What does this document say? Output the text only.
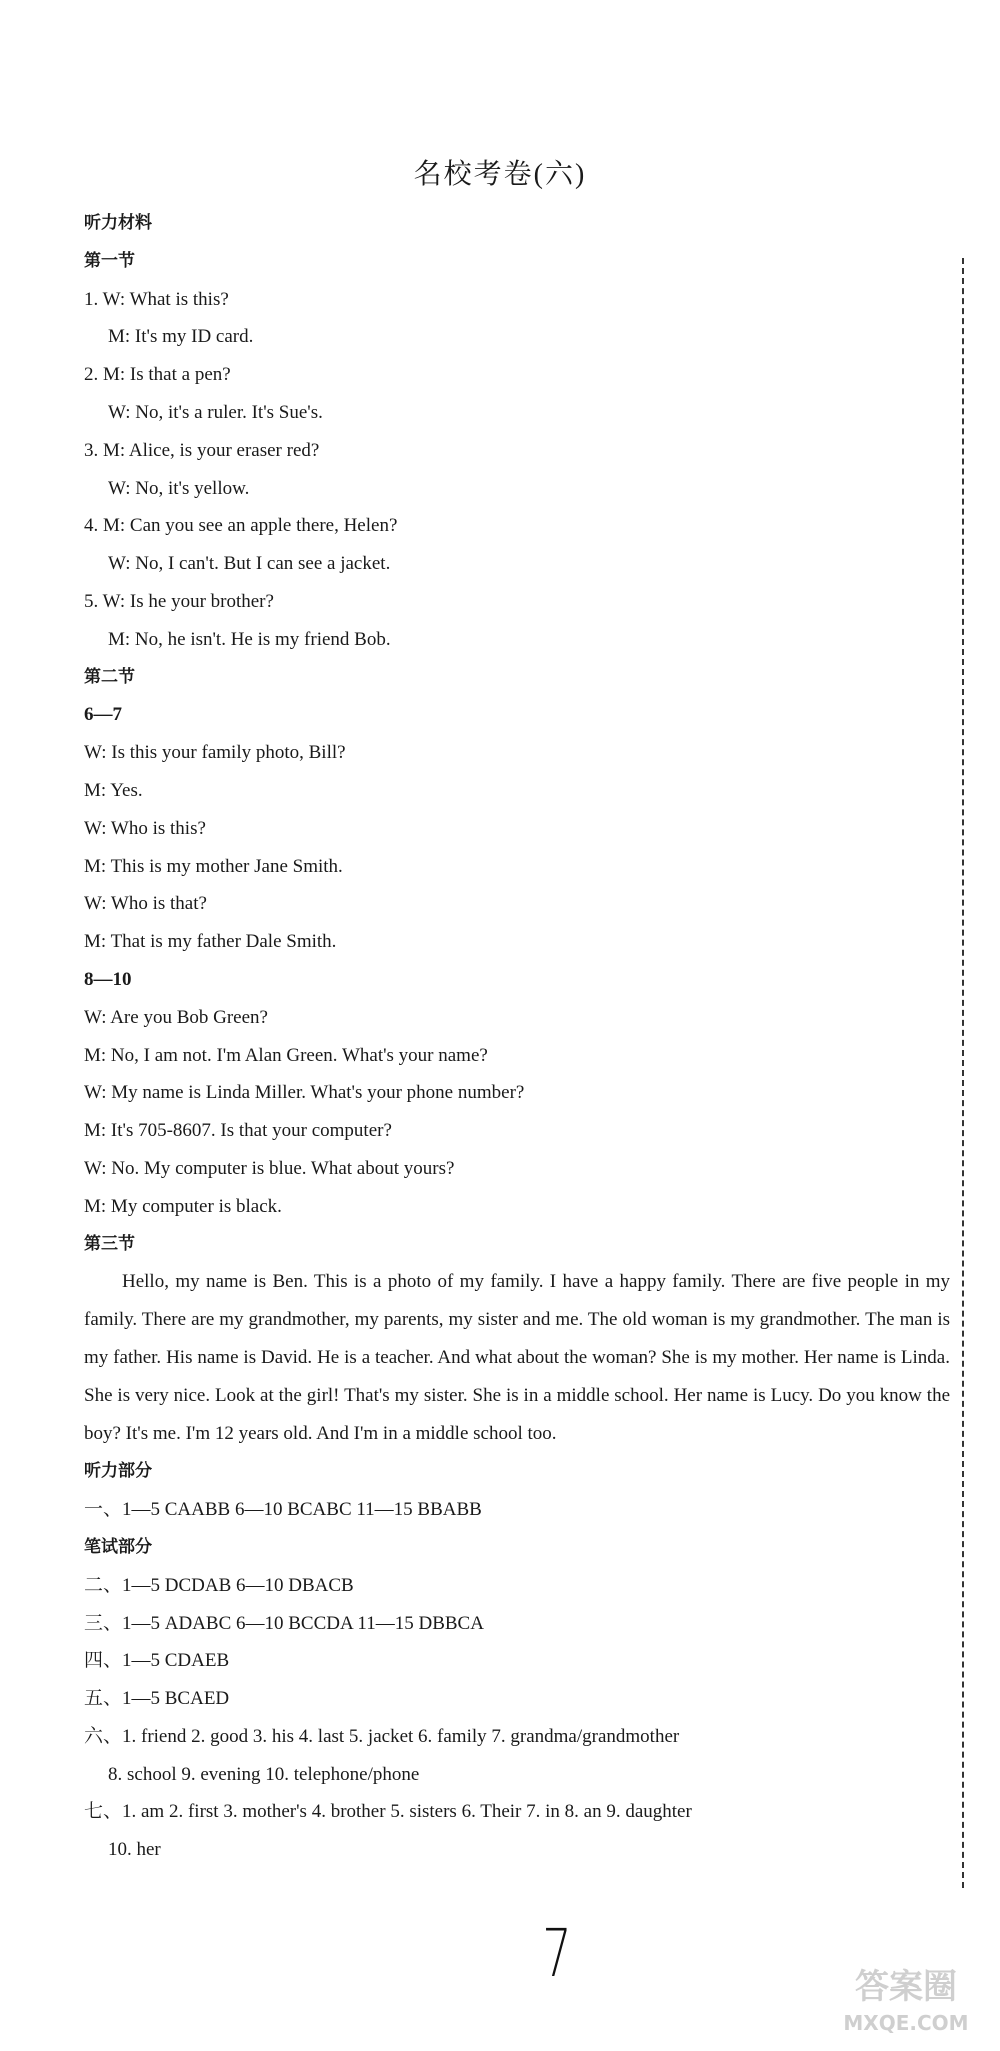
名校考卷(六)
听力材料
第一节
1. W: What is this?
M: It's my ID card.
2. M: Is that a pen?
W: No, it's a ruler. It's Sue's.
3. M: Alice, is your eraser red?
W: No, it's yellow.
4. M: Can you see an apple there, Helen?
W: No, I can't. But I can see a jacket.
5. W: Is he your brother?
M: No, he isn't. He is my friend Bob.
第二节
6—7
W: Is this your family photo, Bill?
M: Yes.
W: Who is this?
M: This is my mother Jane Smith.
W: Who is that?
M: That is my father Dale Smith.
8—10
W: Are you Bob Green?
M: No, I am not. I'm Alan Green. What's your name?
W: My name is Linda Miller. What's your phone number?
M: It's 705-8607. Is that your computer?
W: No. My computer is blue. What about yours?
M: My computer is black.
第三节
Hello, my name is Ben. This is a photo of my family. I have a happy family. There are five people in my family. There are my grandmother, my parents, my sister and me. The old woman is my grandmother. The man is my father. His name is David. He is a teacher. And what about the woman? She is my mother. Her name is Linda. She is very nice. Look at the girl! That's my sister. She is in a middle school. Her name is Lucy. Do you know the boy? It's me. I'm 12 years old. And I'm in a middle school too.
听力部分
一、1—5 CAABB 6—10 BCABC 11—15 BBABB
笔试部分
二、1—5 DCDAB 6—10 DBACB
三、1—5 ADABC 6—10 BCCDA 11—15 DBBCA
四、1—5 CDAEB
五、1—5 BCAED
六、1. friend 2. good 3. his 4. last 5. jacket 6. family 7. grandma/grandmother
8. school 9. evening 10. telephone/phone
七、1. am 2. first 3. mother's 4. brother 5. sisters 6. Their 7. in 8. an 9. daughter
10. her
7	答案圈
MXQE.COM
